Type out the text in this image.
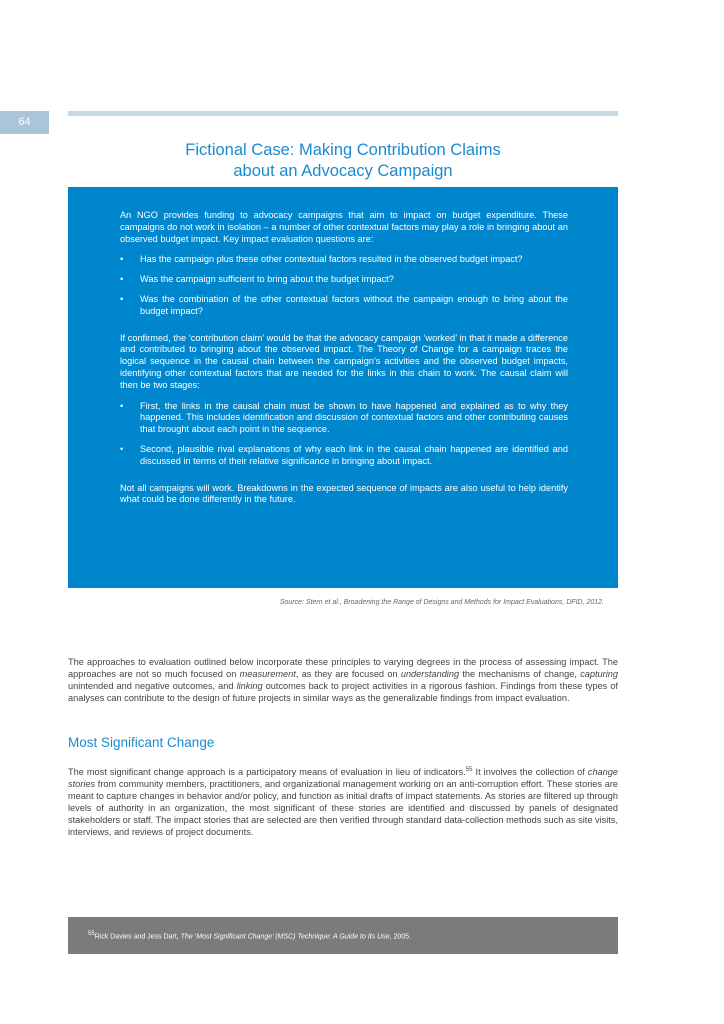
64
Fictional Case: Making Contribution Claims
about an Advocacy Campaign

An NGO provides funding to advocacy campaigns that aim to impact on budget expenditure. These campaigns do not work in isolation – a number of other contextual factors may play a role in bringing about an observed budget impact. Key impact evaluation questions are:

• Has the campaign plus these other contextual factors resulted in the observed budget impact?
• Was the campaign sufficient to bring about the budget impact?
• Was the combination of the other contextual factors without the campaign enough to bring about the budget impact?

If confirmed, the ‘contribution claim’ would be that the advocacy campaign ‘worked’ in that it made a difference and contributed to bringing about the observed impact. The Theory of Change for a campaign traces the logical sequence in the causal chain between the campaign’s activities and the observed budget impacts, identifying other contextual factors that are needed for the links in this chain to work. The causal claim will then be two stages:

• First, the links in the causal chain must be shown to have happened and explained as to why they happened. This includes identification and discussion of contextual factors and other contributing causes that brought about each point in the sequence.
• Second, plausible rival explanations of why each link in the causal chain happened are identified and discussed in terms of their relative significance in bringing about impact.

Not all campaigns will work. Breakdowns in the expected sequence of impacts are also useful to help identify what could be done differently in the future.

Source: Stern et al., Broadening the Range of Designs and Methods for Impact Evaluations, DFID, 2012.

The approaches to evaluation outlined below incorporate these principles to varying degrees in the process of assessing impact. The approaches are not so much focused on measurement, as they are focused on understanding the mechanisms of change, capturing unintended and negative outcomes, and linking outcomes back to project activities in a rigorous fashion. Findings from these types of analyses can contribute to the design of future projects in similar ways as the generalizable findings from impact evaluation.

Most Significant Change

The most significant change approach is a participatory means of evaluation in lieu of indicators.$^{55}$ It involves the collection of change stories from community members, practitioners, and organizational management working on an anti-corruption effort. These stories are meant to capture changes in behavior and/or policy, and function as initial drafts of impact statements. As stories are filtered up through levels of authority in an organization, the most significant of these stories are identified and discussed by panels of designated stakeholders or staff. The impact stories that are selected are then verified through standard data-collection methods such as site visits, interviews, and reviews of project documents.

$^{55}$Rick Davies and Jess Dart, The ‘Most Significant Change’ (MSC) Technique: A Guide to Its Use, 2005.
